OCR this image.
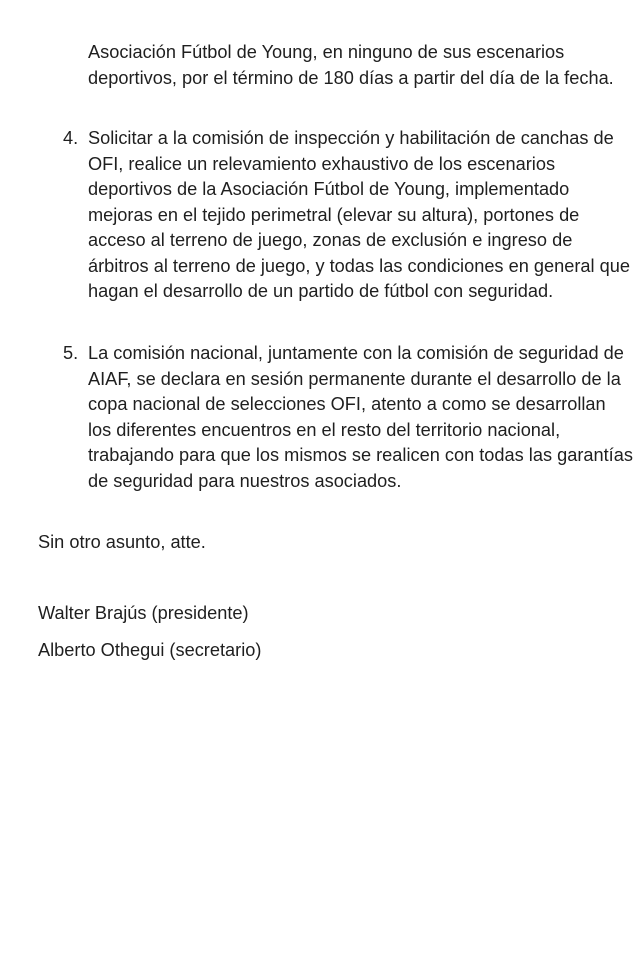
Asociación Fútbol de Young, en ninguno de sus escenarios deportivos, por el término de 180 días a partir del día de la fecha.

4. Solicitar a la comisión de inspección y habilitación de canchas de OFI, realice un relevamiento exhaustivo de los escenarios deportivos de la Asociación Fútbol de Young, implementado mejoras en el tejido perimetral (elevar su altura), portones de acceso al terreno de juego, zonas de exclusión e ingreso de árbitros al terreno de juego, y todas las condiciones en general que hagan el desarrollo de un partido de fútbol con seguridad.
5. La comisión nacional, juntamente con la comisión de seguridad de AIAF, se declara en sesión permanente durante el desarrollo de la copa nacional de selecciones OFI, atento a como se desarrollan los diferentes encuentros en el resto del territorio nacional, trabajando para que los mismos se realicen con todas las garantías de seguridad para nuestros asociados.
Sin otro asunto, atte.
Walter Brajús (presidente)
Alberto Othegui (secretario)
